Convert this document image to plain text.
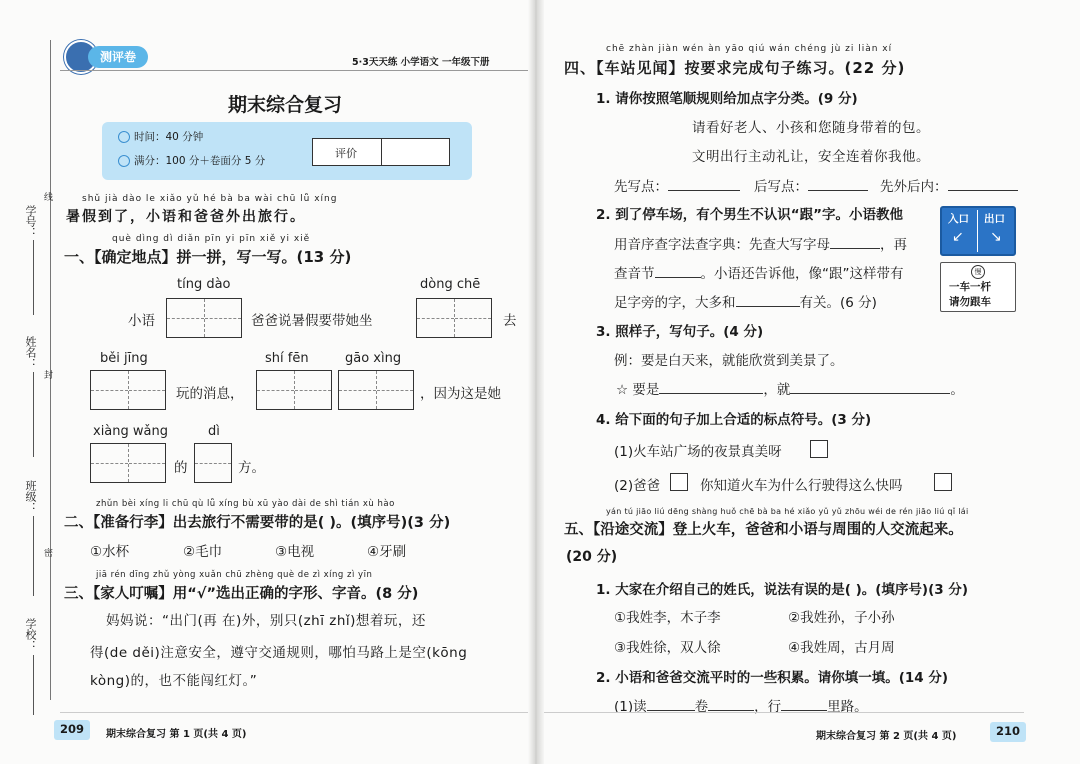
学号：
线
姓名：
封
班级：
密
学校：
测评卷	5·3天天练 小学语文 一年级下册
期末综合复习
时间：40 分钟
满分：100 分＋卷面分 5 分
评价
shǔ jià dào le xiǎo yǔ hé bà ba wài chū lǚ xíng
暑假到了，小语和爸爸外出旅行。
què dìng dì diǎn pīn yi pīn xiě yi xiě
一、【确定地点】拼一拼，写一写。(13 分)
tíng dào	dòng chē
小语	爸爸说暑假要带她坐	去
běi jīng	shí fēn	gāo xìng
玩的消息，	，因为这是她
xiàng wǎng	dì
的	方。
zhǔn bèi xíng li chū qù lǚ xíng bù xū yào dài de shì tián xù hào
二、【准备行李】出去旅行不需要带的是( )。(填序号)(3 分)
①水杯	②毛巾	③电视	④牙刷
jiā rén dīng zhǔ yòng xuǎn chū zhèng què de zì xíng zì yīn
三、【家人叮嘱】用“√”选出正确的字形、字音。(8 分)
妈妈说：“出门(再 在)外，别只(zhī zhǐ)想着玩，还
得(de děi)注意安全，遵守交通规则，哪怕马路上是空(kōng
kòng)的，也不能闯红灯。”
209 期末综合复习 第 1 页(共 4 页)
chē zhàn jiàn wén àn yāo qiú wán chéng jù zi liàn xí
四、【车站见闻】按要求完成句子练习。(22 分)
1. 请你按照笔顺规则给加点字分类。(9 分)
请看好老人、小孩和您随身带着的包。
文明出行主动礼让，安全连着你我他。
先写点：	后写点：	先外后内：
2. 到了停车场，有个男生不认识“跟”字。小语教他
用音序查字法查字典：先查大写字母	，再
查音节	。小语还告诉他，像“跟”这样带有
足字旁的字，大多和	有关。(6 分)
入口 出口
↙ ↘
慢
一车一杆
请勿跟车
3. 照样子，写句子。(4 分)
例：要是白天来，就能欣赏到美景了。
☆ 要是	，就	。
4. 给下面的句子加上合适的标点符号。(3 分)
(1)火车站广场的夜景真美呀
(2)爸爸	你知道火车为什么行驶得这么快吗
yán tú jiāo liú dēng shàng huǒ chē bà ba hé xiǎo yǔ yǔ zhōu wéi de rén jiāo liú qǐ lái
五、【沿途交流】登上火车，爸爸和小语与周围的人交流起来。
(20 分)
1. 大家在介绍自己的姓氏，说法有误的是( )。(填序号)(3 分)
①我姓李，木子李	②我姓孙，子小孙
③我姓徐，双人徐	④我姓周，古月周
2. 小语和爸爸交流平时的一些积累。请你填一填。(14 分)
(1)读	卷	，行	里路。
期末综合复习 第 2 页(共 4 页)	210
